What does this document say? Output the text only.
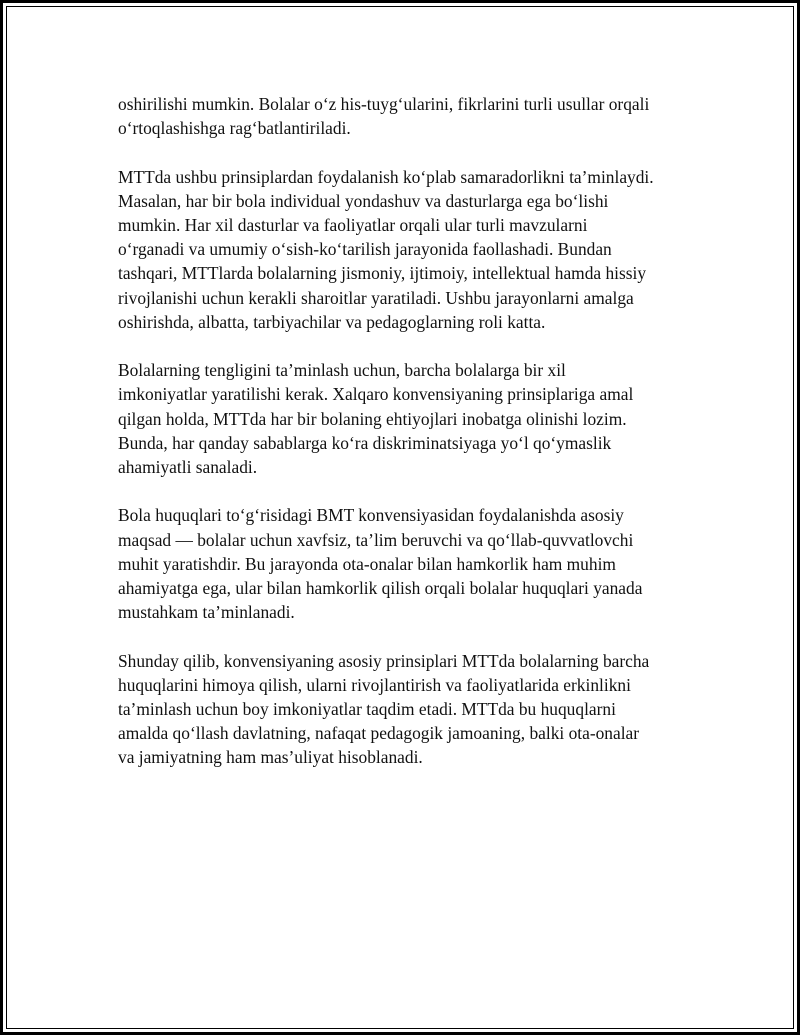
oshirilishi mumkin. Bolalar o‘z his-tuyg‘ularini, fikrlarini turli usullar orqali
o‘rtoqlashishga rag‘batlantiriladi.

MTTda ushbu prinsiplardan foydalanish ko‘plab samaradorlikni ta’minlaydi.
Masalan, har bir bola individual yondashuv va dasturlarga ega bo‘lishi
mumkin. Har xil dasturlar va faoliyatlar orqali ular turli mavzularni
o‘rganadi va umumiy o‘sish-ko‘tarilish jarayonida faollashadi. Bundan
tashqari, MTTlarda bolalarning jismoniy, ijtimoiy, intellektual hamda hissiy
rivojlanishi uchun kerakli sharoitlar yaratiladi. Ushbu jarayonlarni amalga
oshirishda, albatta, tarbiyachilar va pedagoglarning roli katta.

Bolalarning tengligini ta’minlash uchun, barcha bolalarga bir xil
imkoniyatlar yaratilishi kerak. Xalqaro konvensiyaning prinsiplariga amal
qilgan holda, MTTda har bir bolaning ehtiyojlari inobatga olinishi lozim.
Bunda, har qanday sabablarga ko‘ra diskriminatsiyaga yo‘l qo‘ymaslik
ahamiyatli sanaladi.

Bola huquqlari to‘g‘risidagi BMT konvensiyasidan foydalanishda asosiy
maqsad — bolalar uchun xavfsiz, ta’lim beruvchi va qo‘llab-quvvatlovchi
muhit yaratishdir. Bu jarayonda ota-onalar bilan hamkorlik ham muhim
ahamiyatga ega, ular bilan hamkorlik qilish orqali bolalar huquqlari yanada
mustahkam ta’minlanadi.

Shunday qilib, konvensiyaning asosiy prinsiplari MTTda bolalarning barcha
huquqlarini himoya qilish, ularni rivojlantirish va faoliyatlarida erkinlikni
ta’minlash uchun boy imkoniyatlar taqdim etadi. MTTda bu huquqlarni
amalda qo‘llash davlatning, nafaqat pedagogik jamoaning, balki ota-onalar
va jamiyatning ham mas’uliyat hisoblanadi.
